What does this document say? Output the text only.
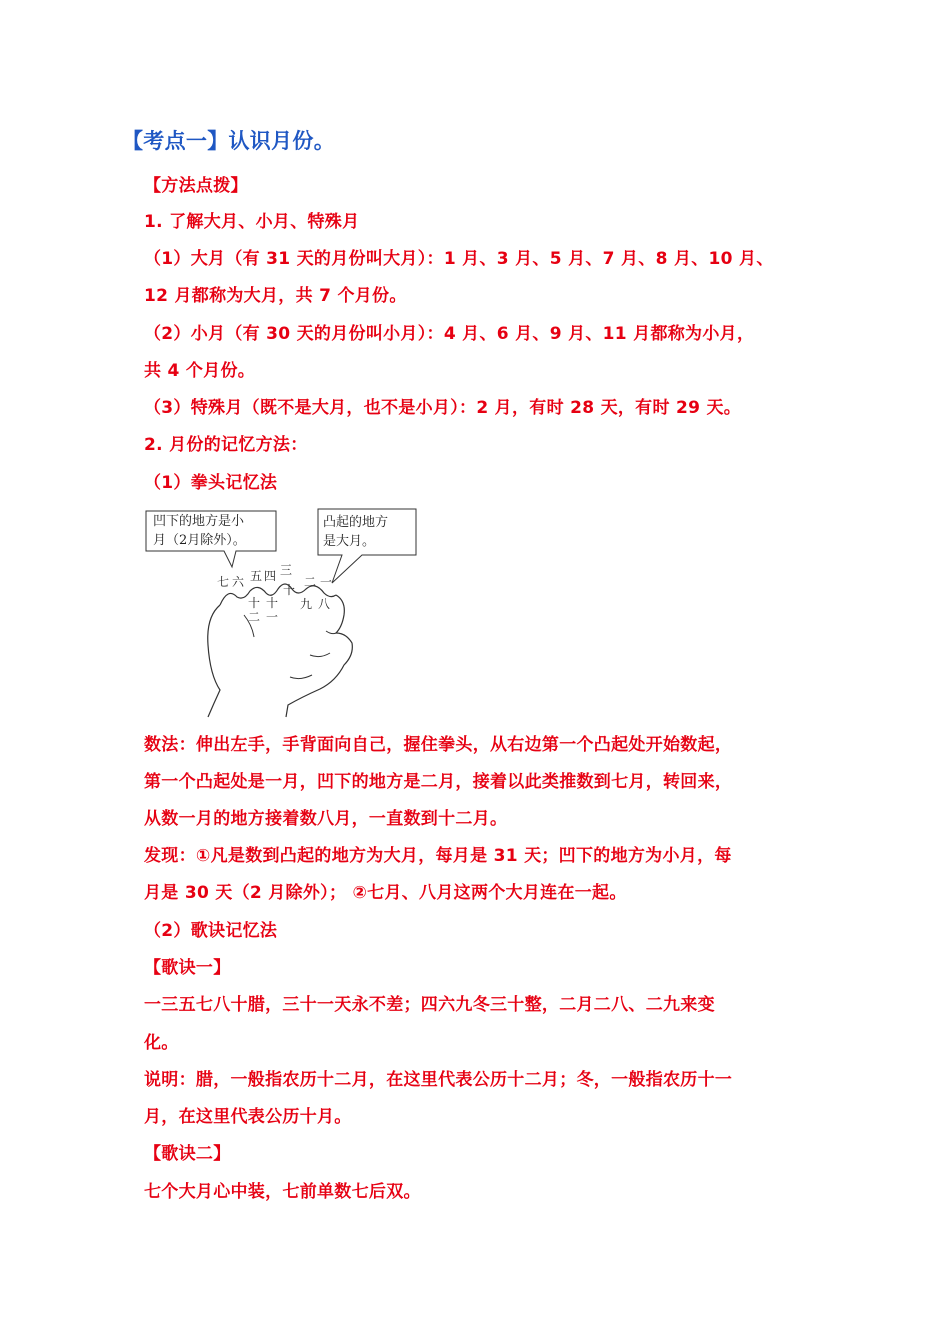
【考点一】认识月份。
【方法点拨】
1. 了解大月、小月、特殊月
（1）大月（有 31 天的月份叫大月）：1 月、3 月、5 月、7 月、8 月、10 月、
12 月都称为大月，共 7 个月份。
（2）小月（有 30 天的月份叫小月）：4 月、6 月、9 月、11 月都称为小月，
共 4 个月份。
（3）特殊月（既不是大月，也不是小月）：2 月，有时 28 天，有时 29 天。
2. 月份的记忆方法：
（1）拳头记忆法
凹下的地方是小
月（2月除外）。
凸起的地方
是大月。
七 六 五 四 三
二 一
十
二
十
一
十
九 八
数法：伸出左手，手背面向自己，握住拳头，从右边第一个凸起处开始数起，
第一个凸起处是一月，凹下的地方是二月，接着以此类推数到七月，转回来，
从数一月的地方接着数八月，一直数到十二月。
发现：①凡是数到凸起的地方为大月，每月是 31 天；凹下的地方为小月，每
月是 30 天（2 月除外）； ②七月、八月这两个大月连在一起。
（2）歌诀记忆法
【歌诀一】
一三五七八十腊，三十一天永不差；四六九冬三十整，二月二八、二九来变
化。
说明：腊，一般指农历十二月，在这里代表公历十二月；冬，一般指农历十一
月，在这里代表公历十月。
【歌诀二】
七个大月心中装，七前单数七后双。
